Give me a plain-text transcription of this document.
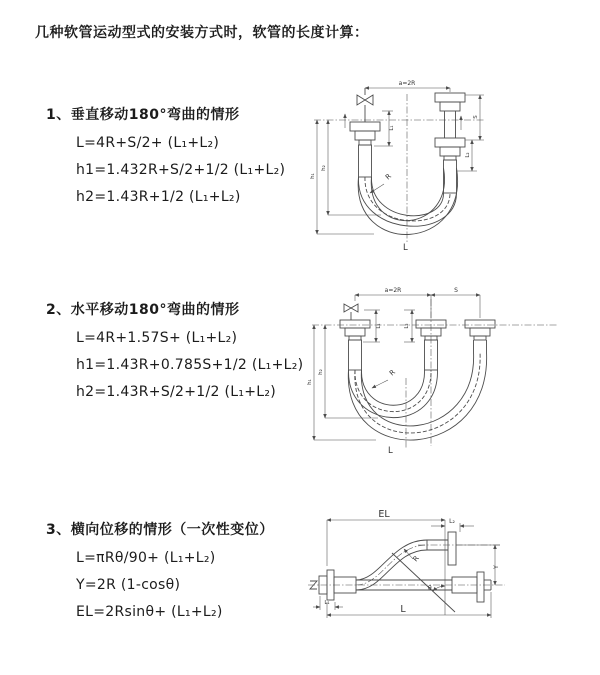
几种软管运动型式的安装方式时，软管的长度计算：
1、垂直移动180°弯曲的情形
L=4R+S/2+ (L₁+L₂)
h1=1.432R+S/2+1/2 (L₁+L₂)
h2=1.43R+1/2 (L₁+L₂)
2、水平移动180°弯曲的情形
L=4R+1.57S+ (L₁+L₂)
h1=1.43R+0.785S+1/2 (L₁+L₂)
h2=1.43R+S/2+1/2 (L₁+L₂)
3、横向位移的情形（一次性变位）
L=πRθ/90+ (L₁+L₂)
Y=2R (1-cosθ)
EL=2Rsinθ+ (L₁+L₂)
a=2R
L₁
S
L₂
h₁
h₂
R
L
a=2R	S
L₁	L₂
h₁
h₂	R
L
EL
L₂
Y
θ
R
L
L₁
